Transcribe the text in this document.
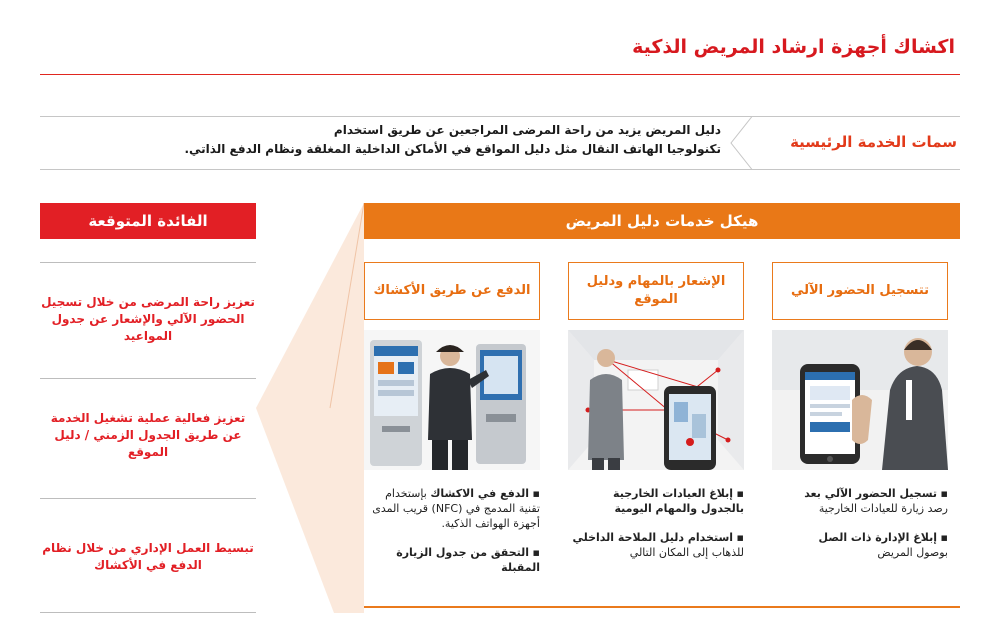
اكشاك أجهزة ارشاد المريض الذكية
سمات الخدمة الرئيسية
دليل المريض يزيد من راحة المرضى المراجعين عن طريق استخدام
تكنولوجيا الهاتف النقال مثل دليل المواقع في الأماكن الداخلية المغلقة ونظام الدفع الذاتي.
الفائدة المتوقعة
تعزيز راحة المرضى من خلال تسجيل الحضور الآلي والإشعار عن جدول المواعيد
تعزيز فعالية عملية تشغيل الخدمة عن طريق الجدول الزمني / دليل الموقع
تبسيط العمل الإداري من خلال نظام الدفع في الأكشاك
هيكل خدمات دليل المريض
تتسجيل الحضور الآلي
▪ تسجيل الحضور الآلي بعد
رصد زيارة للعيادات الخارجية
▪ إبلاغ الإدارة ذات الصل
بوصول المريض
الإشعار بالمهام ودليل الموقع
▪ إبلاغ العيادات الخارجية بالجدول والمهام اليومية
▪ استخدام دليل الملاحة الداخلي
للذهاب إلى المكان التالي
الدفع عن طريق الأكشاك
▪ الدفع في الاكشاك بإستخدام تقنية المدمج في (NFC) قريب المدى أجهزة الهواتف الذكية.
▪ التحقق من جدول الزيارة المقبلة
